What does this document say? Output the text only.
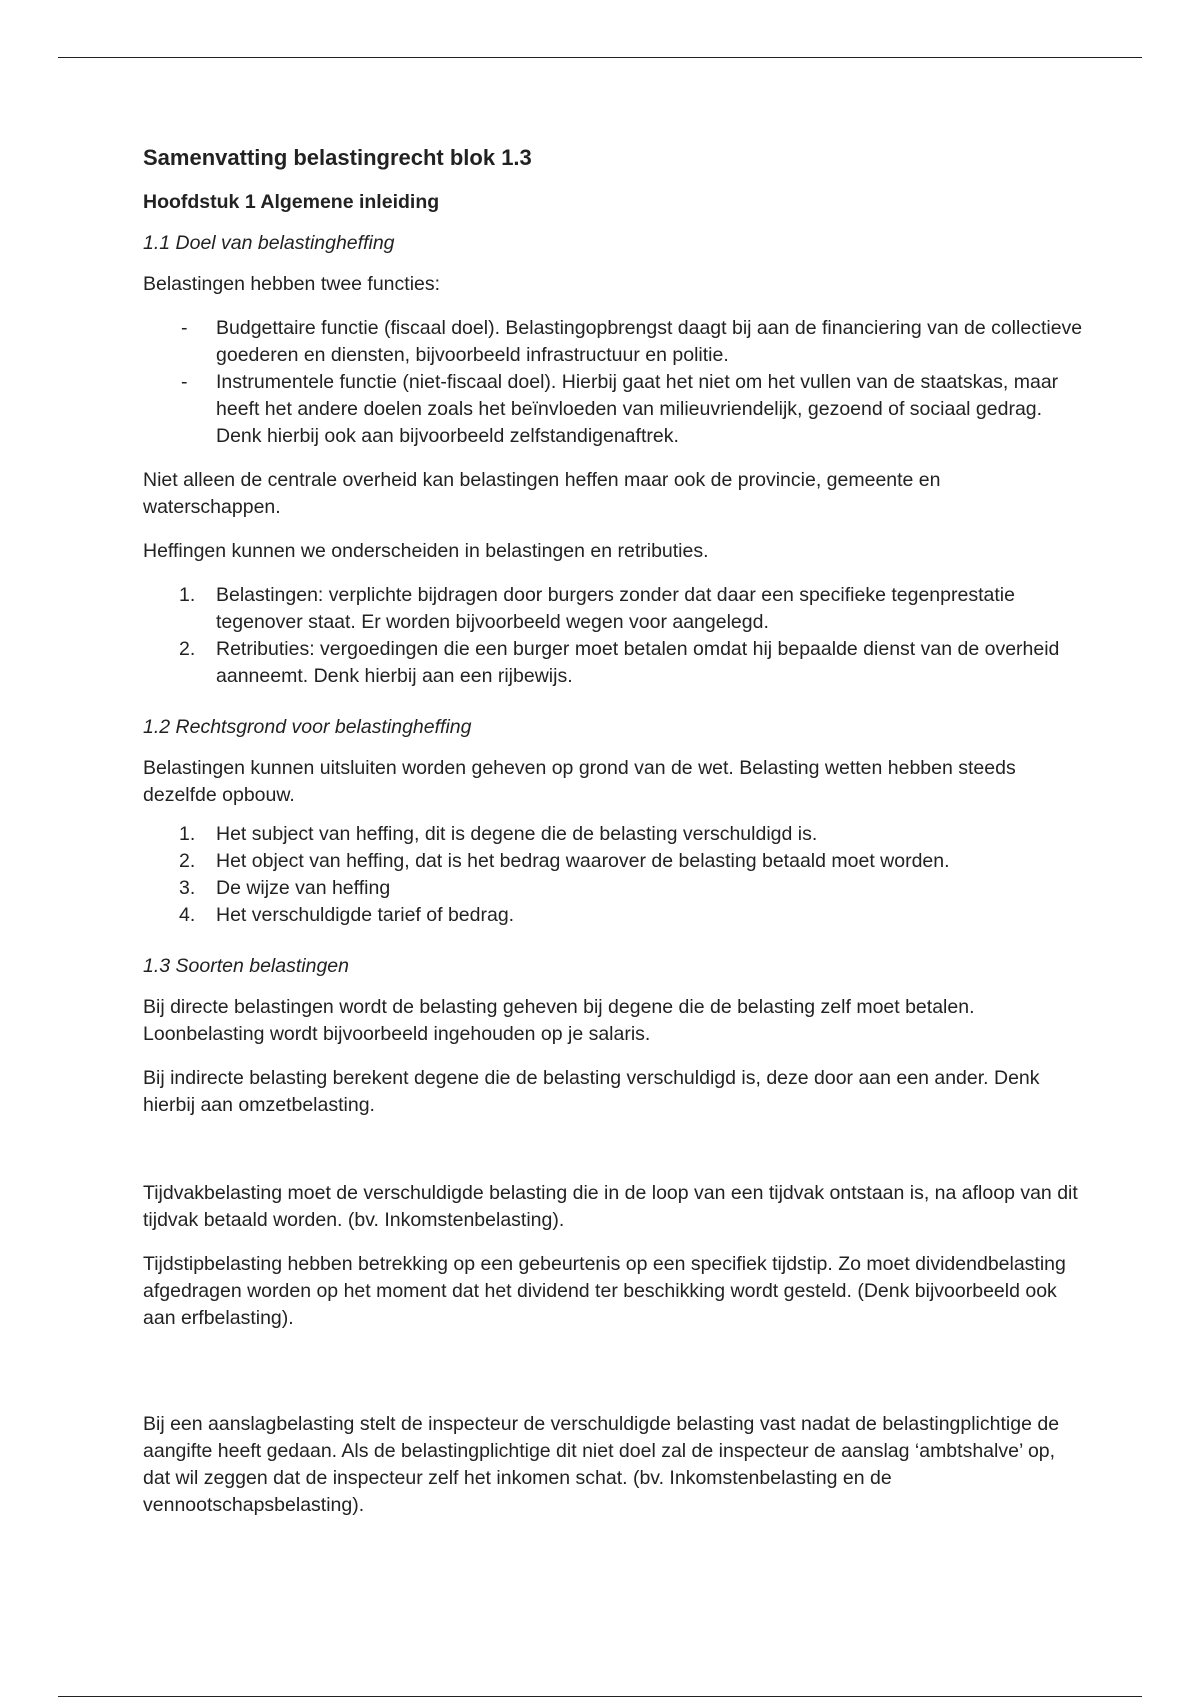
Samenvatting belastingrecht blok 1.3
Hoofdstuk 1 Algemene inleiding
1.1 Doel van belastingheffing

Belastingen hebben twee functies:

- Budgettaire functie (fiscaal doel). Belastingopbrengst daagt bij aan de financiering van de collectieve goederen en diensten, bijvoorbeeld infrastructuur en politie.
- Instrumentele functie (niet-fiscaal doel). Hierbij gaat het niet om het vullen van de staatskas, maar heeft het andere doelen zoals het beïnvloeden van milieuvriendelijk, gezoend of sociaal gedrag. Denk hierbij ook aan bijvoorbeeld zelfstandigenaftrek.

Niet alleen de centrale overheid kan belastingen heffen maar ook de provincie, gemeente en waterschappen.

Heffingen kunnen we onderscheiden in belastingen en retributies.

1. Belastingen: verplichte bijdragen door burgers zonder dat daar een specifieke tegenprestatie tegenover staat. Er worden bijvoorbeeld wegen voor aangelegd.
2. Retributies: vergoedingen die een burger moet betalen omdat hij bepaalde dienst van de overheid aanneemt. Denk hierbij aan een rijbewijs.
1.2 Rechtsgrond voor belastingheffing

Belastingen kunnen uitsluiten worden geheven op grond van de wet. Belasting wetten hebben steeds dezelfde opbouw.

1. Het subject van heffing, dit is degene die de belasting verschuldigd is.
2. Het object van heffing, dat is het bedrag waarover de belasting betaald moet worden.
3. De wijze van heffing
4. Het verschuldigde tarief of bedrag.
1.3 Soorten belastingen

Bij directe belastingen wordt de belasting geheven bij degene die de belasting zelf moet betalen. Loonbelasting wordt bijvoorbeeld ingehouden op je salaris.

Bij indirecte belasting berekent degene die de belasting verschuldigd is, deze door aan een ander. Denk hierbij aan omzetbelasting.

Tijdvakbelasting moet de verschuldigde belasting die in de loop van een tijdvak ontstaan is, na afloop van dit tijdvak betaald worden. (bv. Inkomstenbelasting).

Tijdstipbelasting hebben betrekking op een gebeurtenis op een specifiek tijdstip. Zo moet dividendbelasting afgedragen worden op het moment dat het dividend ter beschikking wordt gesteld. (Denk bijvoorbeeld ook aan erfbelasting).

Bij een aanslagbelasting stelt de inspecteur de verschuldigde belasting vast nadat de belastingplichtige de aangifte heeft gedaan. Als de belastingplichtige dit niet doel zal de inspecteur de aanslag ‘ambtshalve’ op, dat wil zeggen dat de inspecteur zelf het inkomen schat. (bv. Inkomstenbelasting en de vennootschapsbelasting).
